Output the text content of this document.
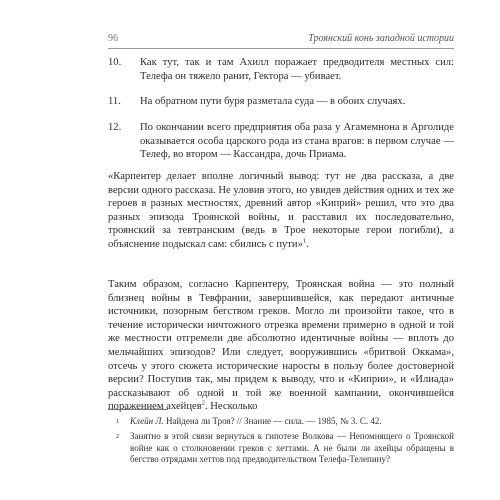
96	Троянский конь западной истории
10.	Как тут, так и там Ахилл поражает предводителя местных сил: Телефа он тяжело ранит, Гектора — убивает.
11.	На обратном пути буря разметала суда — в обоих случаях.
12.	По окончании всего предприятия оба раза у Агамемнона в Арголиде оказывается особа царского рода из стана врагов: в первом случае — Телеф, во втором — Кассандра, дочь Приама.
«Карпентер делает вполне логичный вывод: тут не два рассказа, а две версии одного рассказа. Не уловив этого, но увидев действия одних и тех же героев в разных местностях, древний автор «Киприй» решил, что это два разных эпизода Троянской войны, и расставил их последовательно, троянский за тевтранским (ведь в Трое некоторые герои погибли), а объяснение подыскал сам: сбились с пути»$^1$.
Таким образом, согласно Карпентеру, Троянская война — это полный близнец войны в Тевфрании, завершившейся, как передают античные источники, позорным бегством греков. Могло ли произойти такое, что в течение исторически ничтожного отрезка времени примерно в одной и той же местности отгремели две абсолютно идентичные войны — вплоть до мельчайших эпизодов? Или следует, вооружившись «бритвой Оккама», отсечь у этого сюжета исторические наросты в пользу более достоверной версии? Поступив так, мы придем к выводу, что и «Киприи», и «Илиада» рассказывают об одной и той же военной кампании, окончившейся поражением ахейцев$^2$. Несколько
1 Клейн Л. Найдена ли Троя? // Знание — сила. — 1985, № 3. С. 42.
2 Занятно в этой связи вернуться к гипотезе Волкова — Непомнящего о Троянской войне как о столкновении греков с хеттами. А не были ли ахейцы обращены в бегство отрядами хеттов под предводительством Телефа-Телепину?
